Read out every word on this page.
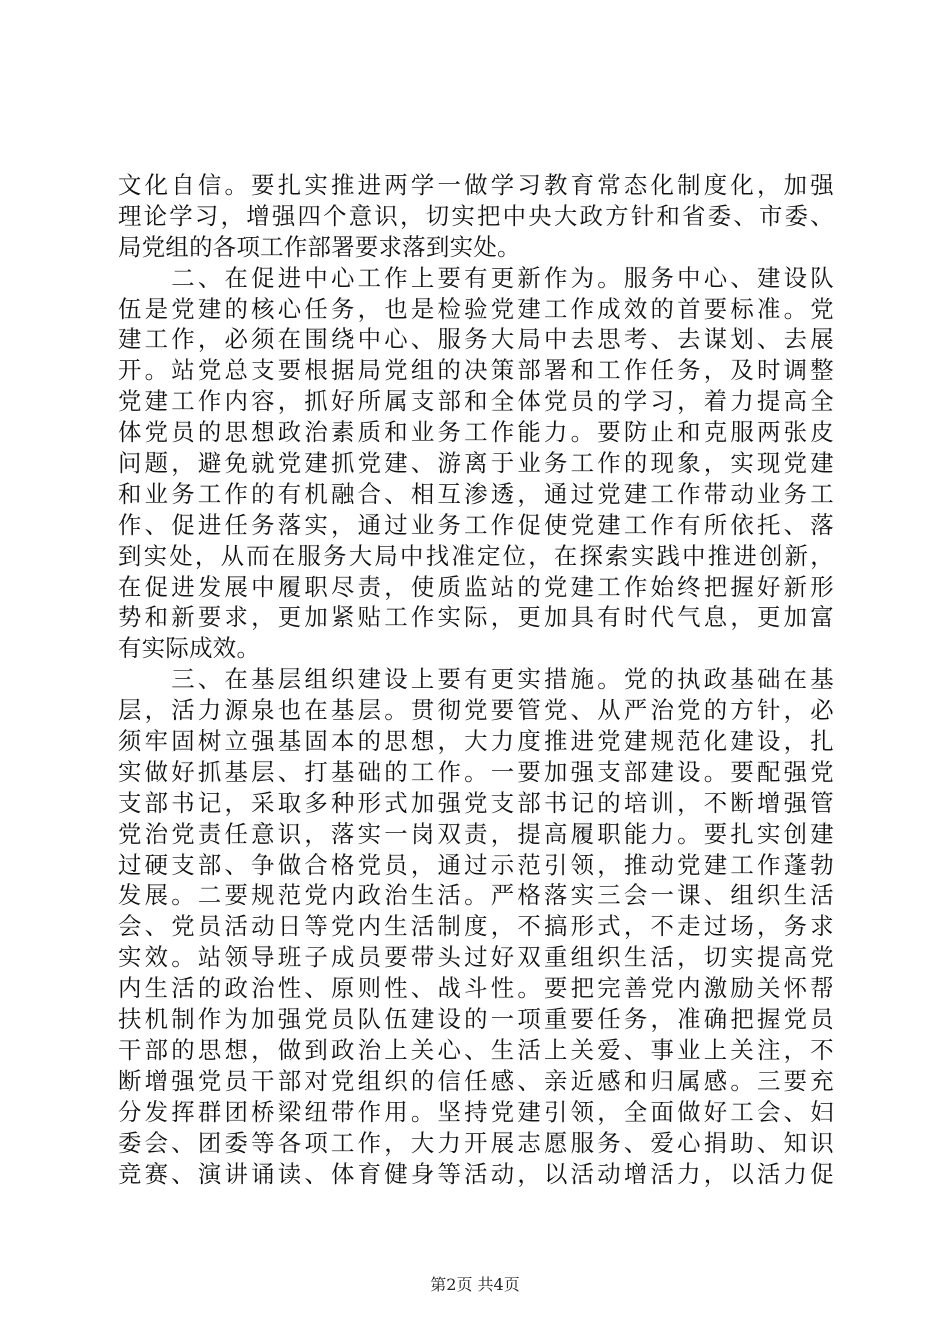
文化自信。要扎实推进两学一做学习教育常态化制度化，加强
理论学习，增强四个意识，切实把中央大政方针和省委、市委、
局党组的各项工作部署要求落到实处。
　　二、在促进中心工作上要有更新作为。服务中心、建设队
伍是党建的核心任务，也是检验党建工作成效的首要标准。党
建工作，必须在围绕中心、服务大局中去思考、去谋划、去展
开。站党总支要根据局党组的决策部署和工作任务，及时调整
党建工作内容，抓好所属支部和全体党员的学习，着力提高全
体党员的思想政治素质和业务工作能力。要防止和克服两张皮
问题，避免就党建抓党建、游离于业务工作的现象，实现党建
和业务工作的有机融合、相互渗透，通过党建工作带动业务工
作、促进任务落实，通过业务工作促使党建工作有所依托、落
到实处，从而在服务大局中找准定位，在探索实践中推进创新，
在促进发展中履职尽责，使质监站的党建工作始终把握好新形
势和新要求，更加紧贴工作实际，更加具有时代气息，更加富
有实际成效。
　　三、在基层组织建设上要有更实措施。党的执政基础在基
层，活力源泉也在基层。贯彻党要管党、从严治党的方针，必
须牢固树立强基固本的思想，大力度推进党建规范化建设，扎
实做好抓基层、打基础的工作。一要加强支部建设。要配强党
支部书记，采取多种形式加强党支部书记的培训，不断增强管
党治党责任意识，落实一岗双责，提高履职能力。要扎实创建
过硬支部、争做合格党员，通过示范引领，推动党建工作蓬勃
发展。二要规范党内政治生活。严格落实三会一课、组织生活
会、党员活动日等党内生活制度，不搞形式，不走过场，务求
实效。站领导班子成员要带头过好双重组织生活，切实提高党
内生活的政治性、原则性、战斗性。要把完善党内激励关怀帮
扶机制作为加强党员队伍建设的一项重要任务，准确把握党员
干部的思想，做到政治上关心、生活上关爱、事业上关注，不
断增强党员干部对党组织的信任感、亲近感和归属感。三要充
分发挥群团桥梁纽带作用。坚持党建引领，全面做好工会、妇
委会、团委等各项工作，大力开展志愿服务、爱心捐助、知识
竞赛、演讲诵读、体育健身等活动，以活动增活力，以活力促
第2页 共4页
